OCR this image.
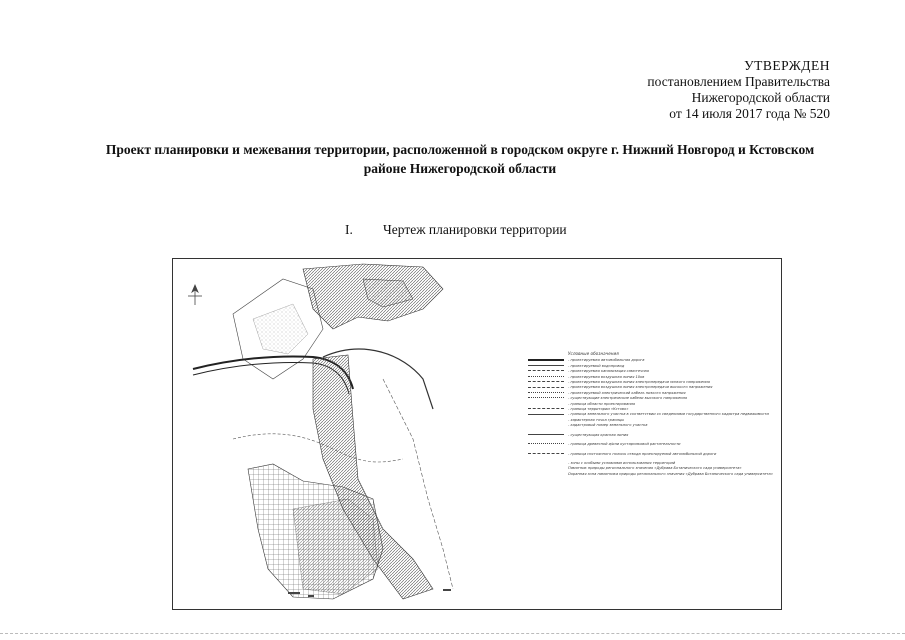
УТВЕРЖДЕН
постановлением Правительства
Нижегородской области
от 14 июля 2017 года № 520
Проект планировки и межевания территории, расположенной в городском округе г. Нижний Новгород и Кстовском
районе Нижегородской области
I. Чертеж планировки территории
Условные обозначения
- проектируемая автомобильная дорога
- проектируемый водопровод
- проектируемая канализация самотечная
- проектируемая воздушная линия 10кв
- проектируемая воздушная линия электропередачи низкого напряжения
- проектируемая воздушная линия электропередачи высокого напряжения
- проектируемый электрический кабель низкого напряжения
- существующие электрические кабели высокого напряжения
- граница области проектирования
- граница территории «Кстово»
- граница земельного участка в соответствии со сведениями государственного кадастра недвижимости
- характерная точка границы
- кадастровый номер земельного участка
- существующая красная линия
- граница древесной и/или кустарниковой растительности
- граница постоянного полосы отвода проектируемой автомобильной дороги
- зоны с особыми условиями использования территорий
Памятник природы регионального значения «Дубрава Ботанического сада университета»
Охранная зона памятника природы регионального значения «Дубрава Ботанического сада университета»
